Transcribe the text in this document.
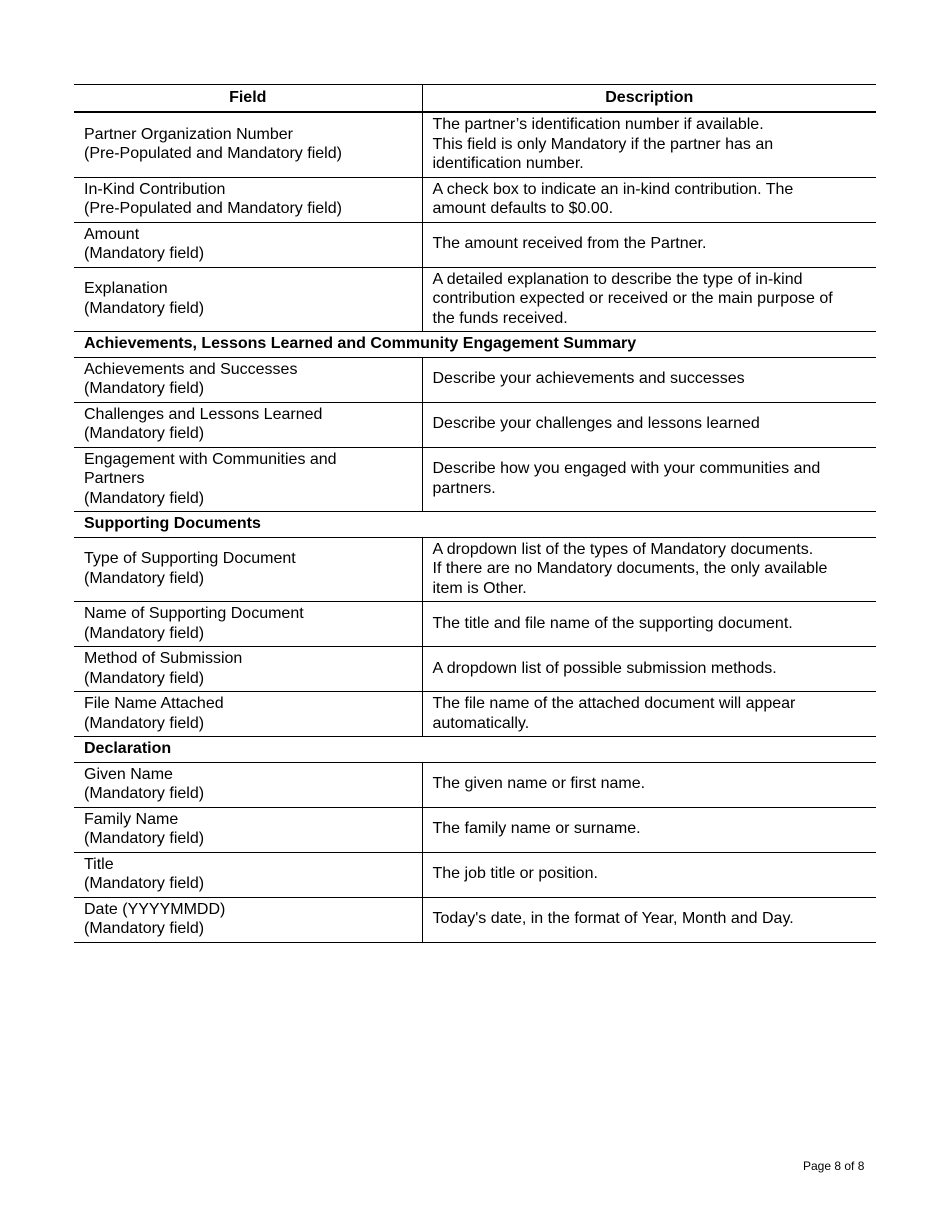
Field	Description

Partner Organization Number
(Pre-Populated and Mandatory field)	The partner’s identification number if available.
This field is only Mandatory if the partner has an
identification number.

In-Kind Contribution
(Pre-Populated and Mandatory field)	A check box to indicate an in-kind contribution. The
amount defaults to $0.00.

Amount
(Mandatory field)	The amount received from the Partner.

Explanation
(Mandatory field)	A detailed explanation to describe the type of in-kind
contribution expected or received or the main purpose of
the funds received.

Achievements, Lessons Learned and Community Engagement Summary	

Achievements and Successes
(Mandatory field)	Describe your achievements and successes

Challenges and Lessons Learned
(Mandatory field)	Describe your challenges and lessons learned

Engagement with Communities and
Partners
(Mandatory field)	Describe how you engaged with your communities and
partners.

Supporting Documents	

Type of Supporting Document
(Mandatory field)	A dropdown list of the types of Mandatory documents.
If there are no Mandatory documents, the only available
item is Other.

Name of Supporting Document
(Mandatory field)	The title and file name of the supporting document.

Method of Submission
(Mandatory field)	A dropdown list of possible submission methods.

File Name Attached
(Mandatory field)	The file name of the attached document will appear
automatically.

Declaration	

Given Name
(Mandatory field)	The given name or first name.

Family Name
(Mandatory field)	The family name or surname.

Title
(Mandatory field)	The job title or position.

Date (YYYYMMDD)
(Mandatory field)	Today's date, in the format of Year, Month and Day.
Page 8 of 8
